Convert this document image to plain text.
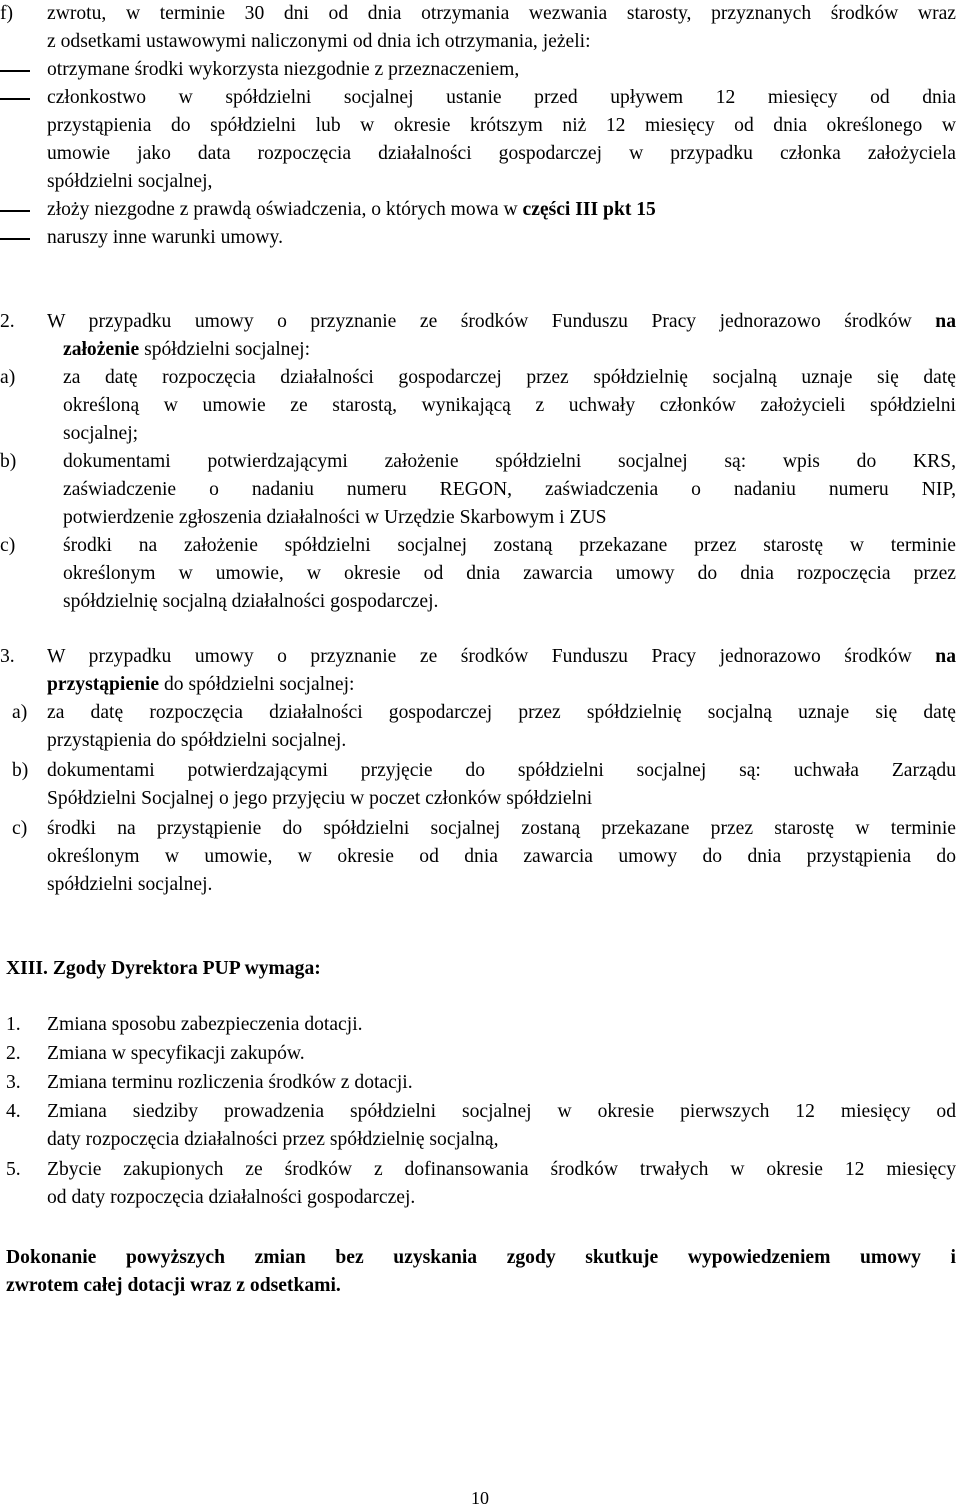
f) zwrotu, w terminie 30 dni od dnia otrzymania wezwania starosty, przyznanych środków wraz
z odsetkami ustawowymi naliczonymi od dnia ich otrzymania, jeżeli:
otrzymane środki wykorzysta niezgodnie z przeznaczeniem,
członkostwo w spółdzielni socjalnej ustanie przed upływem 12 miesięcy od dnia
przystąpienia do spółdzielni lub w okresie krótszym niż 12 miesięcy od dnia określonego w
umowie jako data rozpoczęcia działalności gospodarczej w przypadku członka założyciela
spółdzielni socjalnej,
złoży niezgodne z prawdą oświadczenia, o których mowa w części III pkt 15
naruszy inne warunki umowy.
2. W przypadku umowy o przyznanie ze środków Funduszu Pracy jednorazowo środków na
założenie spółdzielni socjalnej:
a) za datę rozpoczęcia działalności gospodarczej przez spółdzielnię socjalną uznaje się datę
określoną w umowie ze starostą, wynikającą z uchwały członków założycieli spółdzielni
socjalnej;
b) dokumentami potwierdzającymi założenie spółdzielni socjalnej są: wpis do KRS,
zaświadczenie o nadaniu numeru REGON, zaświadczenia o nadaniu numeru NIP,
potwierdzenie zgłoszenia działalności w Urzędzie Skarbowym i ZUS
c) środki na założenie spółdzielni socjalnej zostaną przekazane przez starostę w terminie
określonym w umowie, w okresie od dnia zawarcia umowy do dnia rozpoczęcia przez
spółdzielnię socjalną działalności gospodarczej.
3. W przypadku umowy o przyznanie ze środków Funduszu Pracy jednorazowo środków na
przystąpienie do spółdzielni socjalnej:
a) za datę rozpoczęcia działalności gospodarczej przez spółdzielnię socjalną uznaje się datę
przystąpienia do spółdzielni socjalnej.
b) dokumentami potwierdzającymi przyjęcie do spółdzielni socjalnej są: uchwała Zarządu
Spółdzielni Socjalnej o jego przyjęciu w poczet członków spółdzielni
c) środki na przystąpienie do spółdzielni socjalnej zostaną przekazane przez starostę w terminie
określonym w umowie, w okresie od dnia zawarcia umowy do dnia przystąpienia do
spółdzielni socjalnej.
XIII. Zgody Dyrektora PUP wymaga:
1. Zmiana sposobu zabezpieczenia dotacji.
2. Zmiana w specyfikacji zakupów.
3. Zmiana terminu rozliczenia środków z dotacji.
4. Zmiana siedziby prowadzenia spółdzielni socjalnej w okresie pierwszych 12 miesięcy od
daty rozpoczęcia działalności przez spółdzielnię socjalną,
5. Zbycie zakupionych ze środków z dofinansowania środków trwałych w okresie 12 miesięcy
od daty rozpoczęcia działalności gospodarczej.
Dokonanie powyższych zmian bez uzyskania zgody skutkuje wypowiedzeniem umowy i
zwrotem całej dotacji wraz z odsetkami.
10
